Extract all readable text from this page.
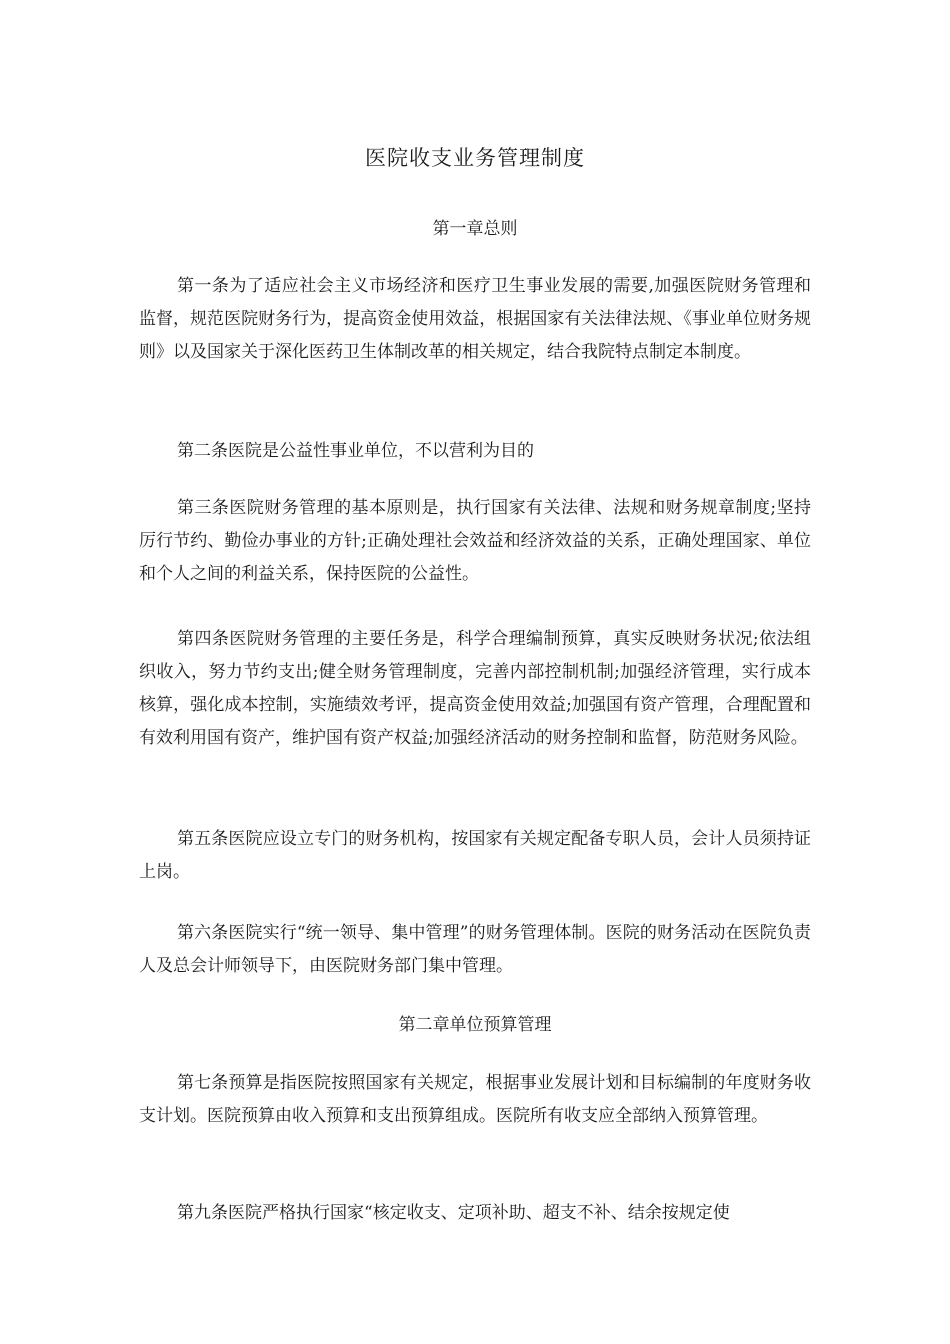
医院收支业务管理制度
第一章总则

第一条为了适应社会主义市场经济和医疗卫生事业发展的需要,加强医院财务管理和监督，规范医院财务行为，提高资金使用效益，根据国家有关法律法规、《事业单位财务规则》以及国家关于深化医药卫生体制改革的相关规定，结合我院特点制定本制度。

第二条医院是公益性事业单位，不以营利为目的

第三条医院财务管理的基本原则是，执行国家有关法律、法规和财务规章制度;坚持厉行节约、勤俭办事业的方针;正确处理社会效益和经济效益的关系，正确处理国家、单位和个人之间的利益关系，保持医院的公益性。

第四条医院财务管理的主要任务是，科学合理编制预算，真实反映财务状况;依法组织收入，努力节约支出;健全财务管理制度，完善内部控制机制;加强经济管理，实行成本核算，强化成本控制，实施绩效考评，提高资金使用效益;加强国有资产管理，合理配置和有效利用国有资产，维护国有资产权益;加强经济活动的财务控制和监督，防范财务风险。

第五条医院应设立专门的财务机构，按国家有关规定配备专职人员，会计人员须持证上岗。

第六条医院实行“统一领导、集中管理”的财务管理体制。医院的财务活动在医院负责人及总会计师领导下，由医院财务部门集中管理。

第二章单位预算管理

第七条预算是指医院按照国家有关规定，根据事业发展计划和目标编制的年度财务收支计划。医院预算由收入预算和支出预算组成。医院所有收支应全部纳入预算管理。

第九条医院严格执行国家“核定收支、定项补助、超支不补、结余按规定使
